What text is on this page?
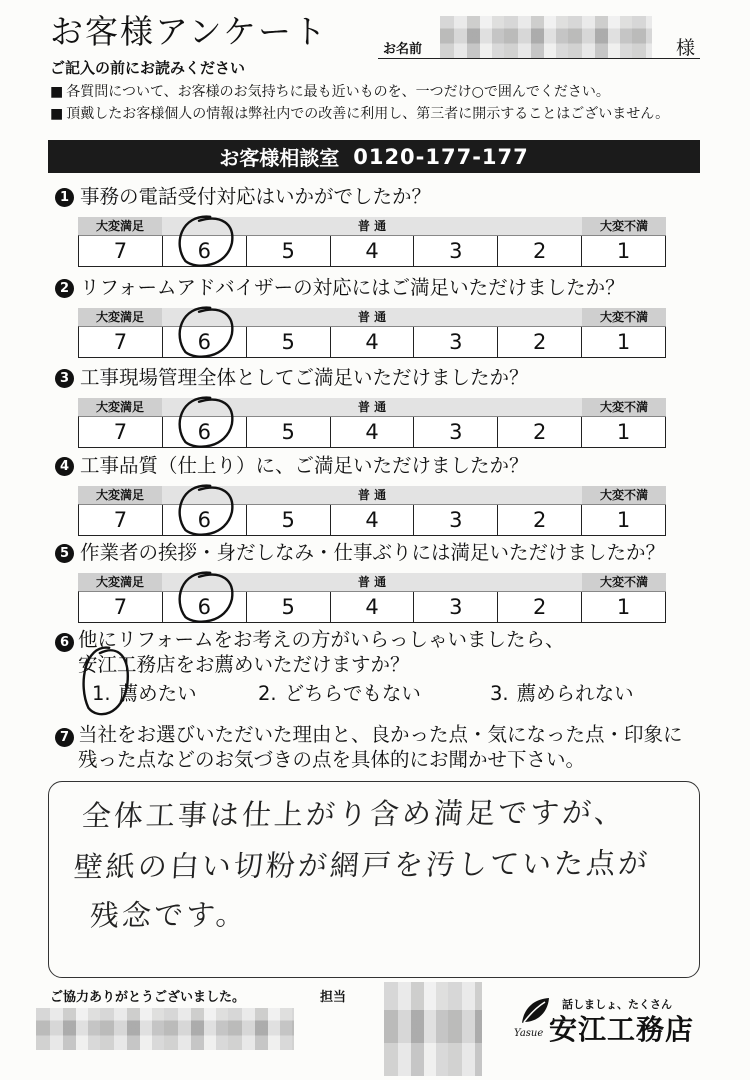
お客様アンケート	お名前	様
ご記入の前にお読みください
■ 各質問について、お客様のお気持ちに最も近いものを、一つだけ○で囲んでください。
■ 頂戴したお客様個人の情報は弊社内での改善に利用し、第三者に開示することはございません。
お客様相談室 0120-177-177
1 事務の電話受付対応はいかがでしたか？
大変満足	普 通	大変不満
7	6	5	4	3	2	1
2 リフォームアドバイザーの対応にはご満足いただけましたか？
大変満足	普 通	大変不満
7	6	5	4	3	2	1
3 工事現場管理全体としてご満足いただけましたか？
大変満足	普 通	大変不満
7	6	5	4	3	2	1
4 工事品質（仕上り）に、ご満足いただけましたか？
大変満足	普 通	大変不満
7	6	5	4	3	2	1
5 作業者の挨拶・身だしなみ・仕事ぶりには満足いただけましたか？
大変満足	普 通	大変不満
7	6	5	4	3	2	1
6 他にリフォームをお考えの方がいらっしゃいましたら、
安江工務店をお薦めいただけますか？
1. 薦めたい	2. どちらでもない	3. 薦められない
7 当社をお選びいただいた理由と、良かった点・気になった点・印象に
残った点などのお気づきの点を具体的にお聞かせ下さい。
全体工事は仕上がり含め満足ですが、
壁紙の白い切粉が網戸を汚していた点が
残念です。
ご協力ありがとうございました。	担当	話しましょ、たくさん
Yasue 安江工務店
